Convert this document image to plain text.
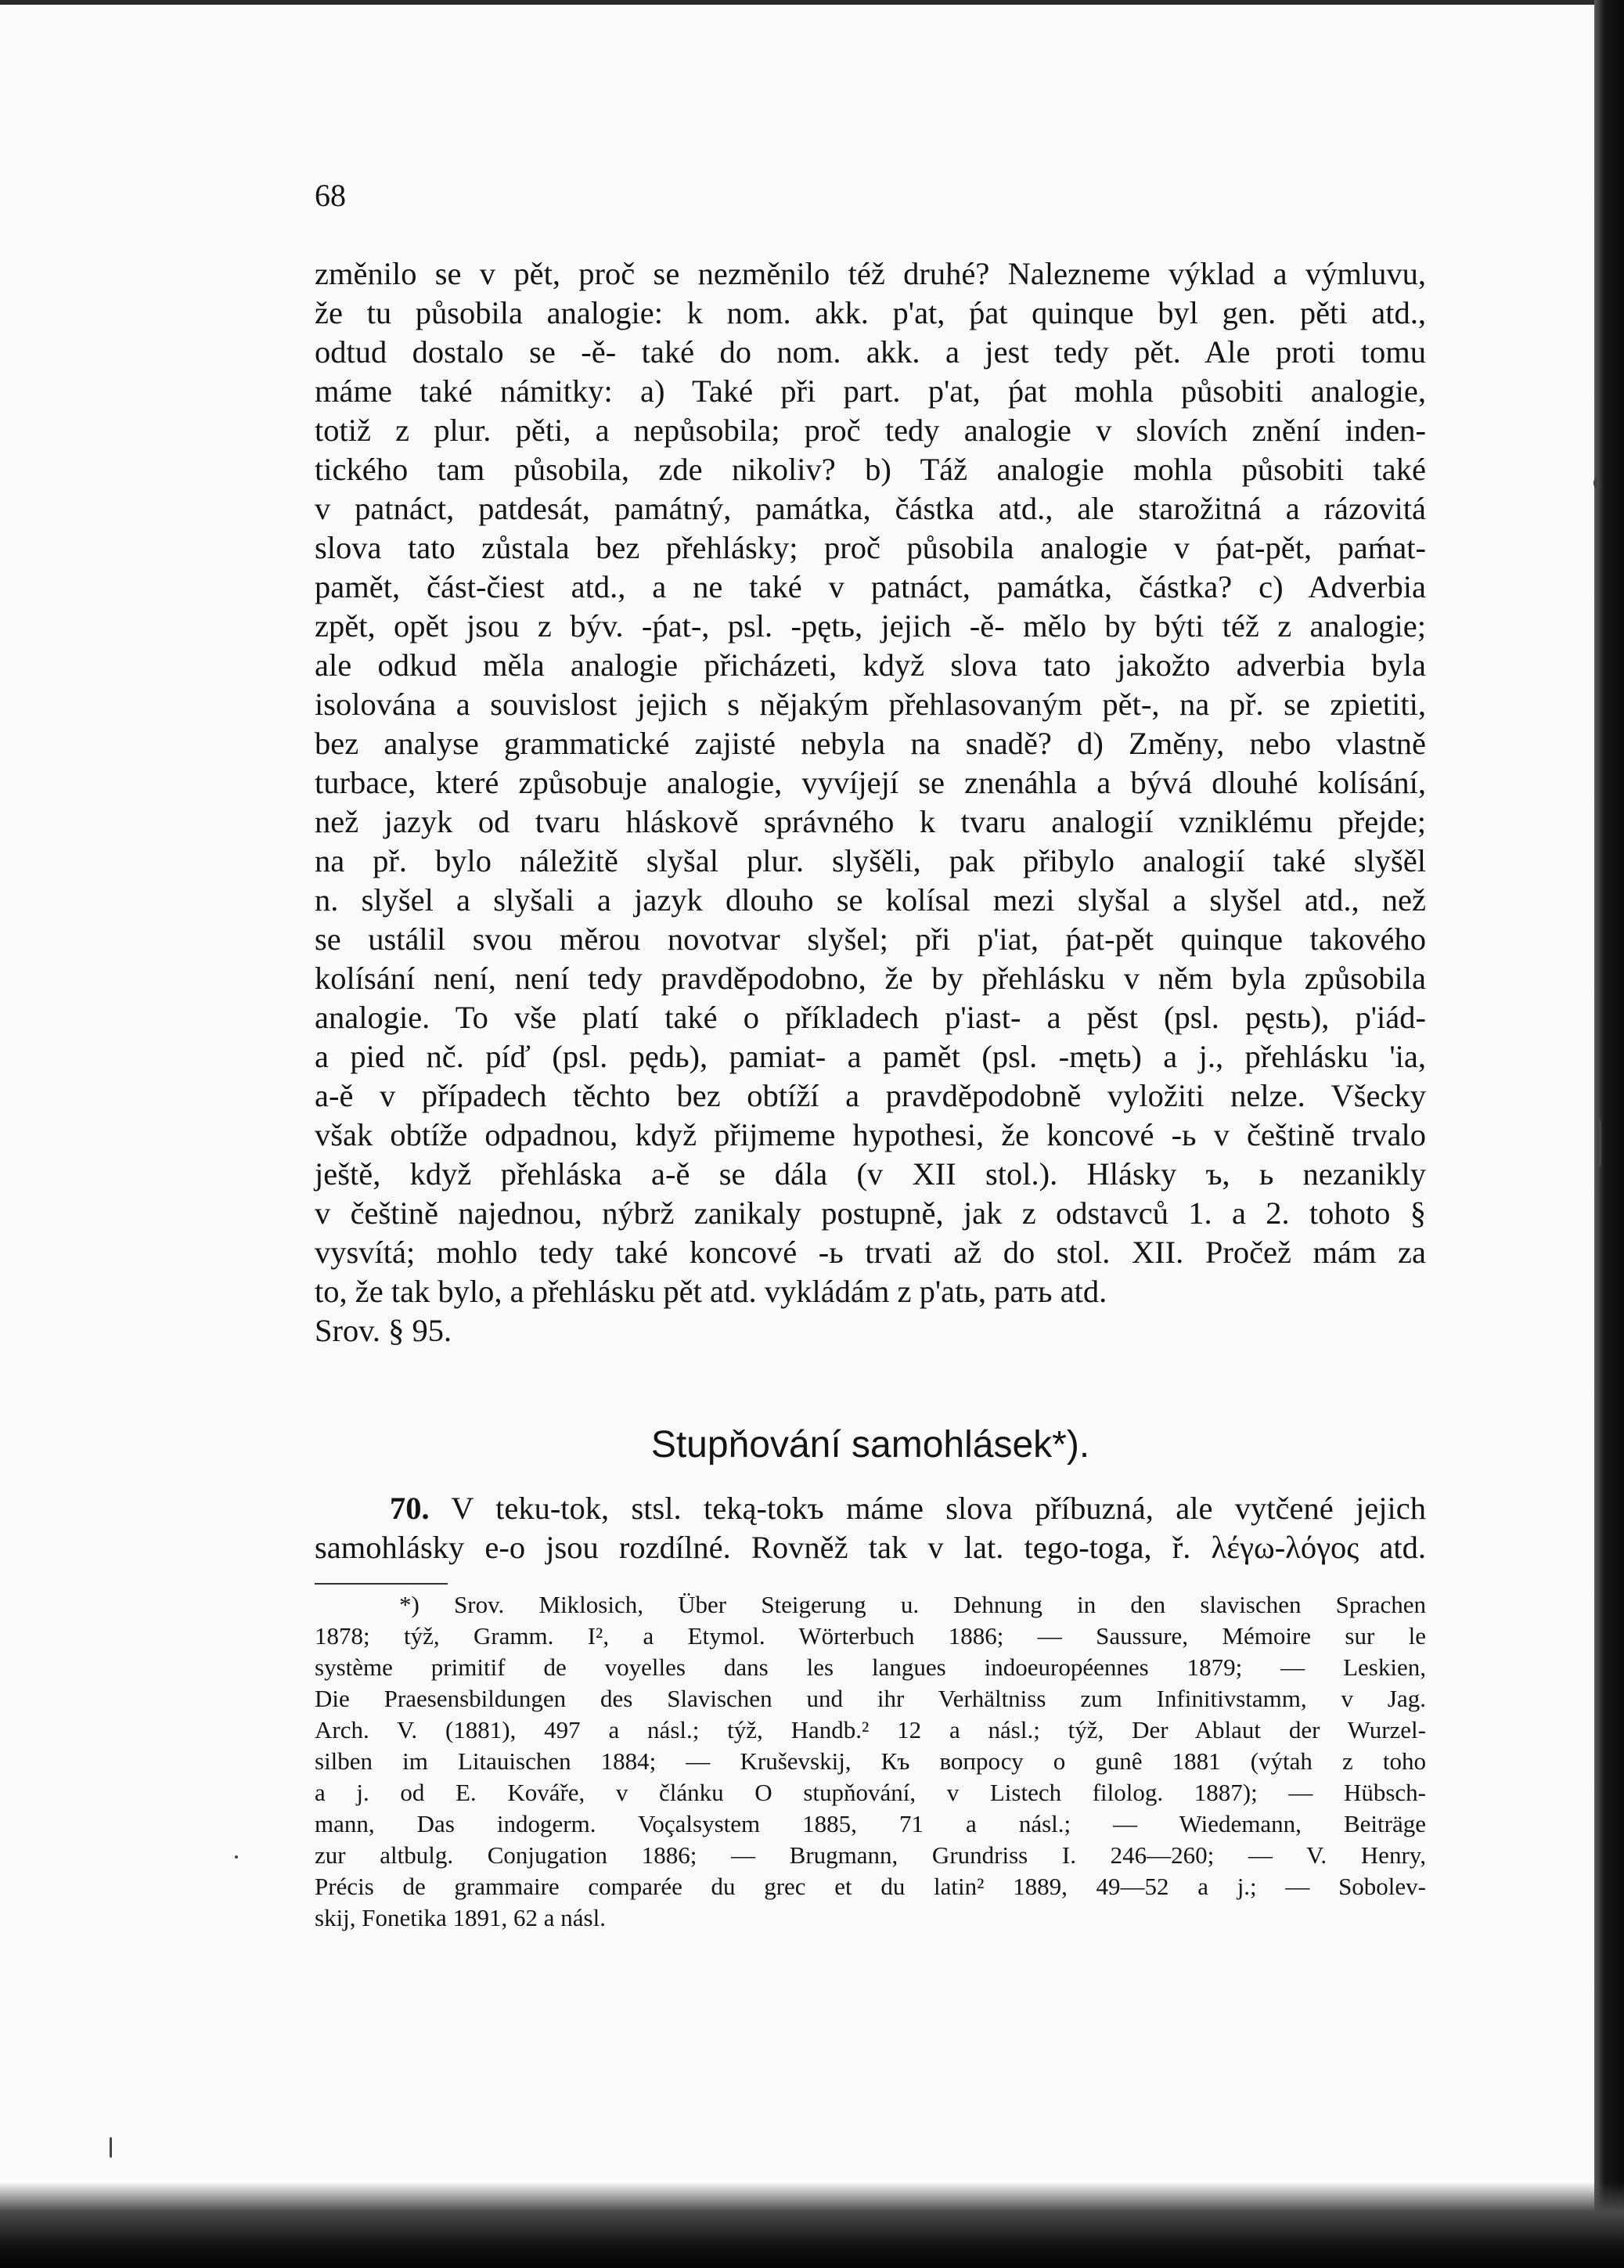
68
změnilo se v pět, proč se nezměnilo též druhé? Nalezneme výklad a výmluvu,
že tu působila analogie: k nom. akk. p'at, ṕat quinque byl gen. pěti atd.,
odtud dostalo se -ě- také do nom. akk. a jest tedy pět. Ale proti tomu
máme také námitky: a) Také při part. p'at, ṕat mohla působiti analogie,
totiž z plur. pěti, a nepůsobila; proč tedy analogie v slovích znění inden-
tického tam působila, zde nikoliv? b) Táž analogie mohla působiti také
v patnáct, patdesát, památný, památka, částka atd., ale starožitná a rázovitá
slova tato zůstala bez přehlásky; proč působila analogie v ṕat-pět, paḿat-
pamět, část-čiest atd., a ne také v patnáct, památka, částka? c) Adverbia
zpět, opět jsou z býv. -ṕat-, psl. -pętь, jejich -ě- mělo by býti též z analogie;
ale odkud měla analogie přicházeti, když slova tato jakožto adverbia byla
isolována a souvislost jejich s nějakým přehlasovaným pět-, na př. se zpietiti,
bez analyse grammatické zajisté nebyla na snadě? d) Změny, nebo vlastně
turbace, které způsobuje analogie, vyvíjejí se znenáhla a bývá dlouhé kolísání,
než jazyk od tvaru hláskově správného k tvaru analogií vzniklému přejde;
na př. bylo náležitě slyšal plur. slyšěli, pak přibylo analogií také slyšěl
n. slyšel a slyšali a jazyk dlouho se kolísal mezi slyšal a slyšel atd., než
se ustálil svou měrou novotvar slyšel; při p'iat, ṕat-pět quinque takového
kolísání není, není tedy pravděpodobno, že by přehlásku v něm byla způsobila
analogie. To vše platí také o příkladech p'iast- a pěst (psl. pęstь), p'iád-
a pied nč. píď (psl. pędь), pamiat- a pamět (psl. -mętь) a j., přehlásku 'ia,
a-ě v případech těchto bez obtíží a pravděpodobně vyložiti nelze. Všecky
však obtíže odpadnou, když přijmeme hypothesi, že koncové -ь v češtině trvalo
ještě, když přehláska a-ě se dála (v XII stol.). Hlásky ъ, ь nezanikly
v češtině najednou, nýbrž zanikaly postupně, jak z odstavců 1. a 2. tohoto §
vysvítá; mohlo tedy také koncové -ь trvati až do stol. XII. Pročež mám za
to, že tak bylo, a přehlásku pět atd. vykládám z p'atь, paть atd.
Srov. § 95.
Stupňování samohlásek*).
70. V teku-tok, stsl. teką-tokъ máme slova příbuzná, ale vytčené jejich
samohlásky e-o jsou rozdílné. Rovněž tak v lat. tego-toga, ř. λέγω-λόγος atd.
*) Srov. Miklosich, Über Steigerung u. Dehnung in den slavischen Sprachen
1878; týž, Gramm. I², a Etymol. Wörterbuch 1886; — Saussure, Mémoire sur le
système primitif de voyelles dans les langues indoeuropéennes 1879; — Leskien,
Die Praesensbildungen des Slavischen und ihr Verhältniss zum Infinitivstamm, v Jag.
Arch. V. (1881), 497 a násl.; týž, Handb.² 12 a násl.; týž, Der Ablaut der Wurzel-
silben im Litauischen 1884; — Kruševskij, Къ вопросу о gunê 1881 (výtah z toho
a j. od E. Kováře, v článku O stupňování, v Listech filolog. 1887); — Hübsch-
mann, Das indogerm. Voçalsystem 1885, 71 a násl.; — Wiedemann, Beiträge
zur altbulg. Conjugation 1886; — Brugmann, Grundriss I. 246—260; — V. Henry,
Précis de grammaire comparée du grec et du latin² 1889, 49—52 a j.; — Sobolev-
skij, Fonetika 1891, 62 a násl.
